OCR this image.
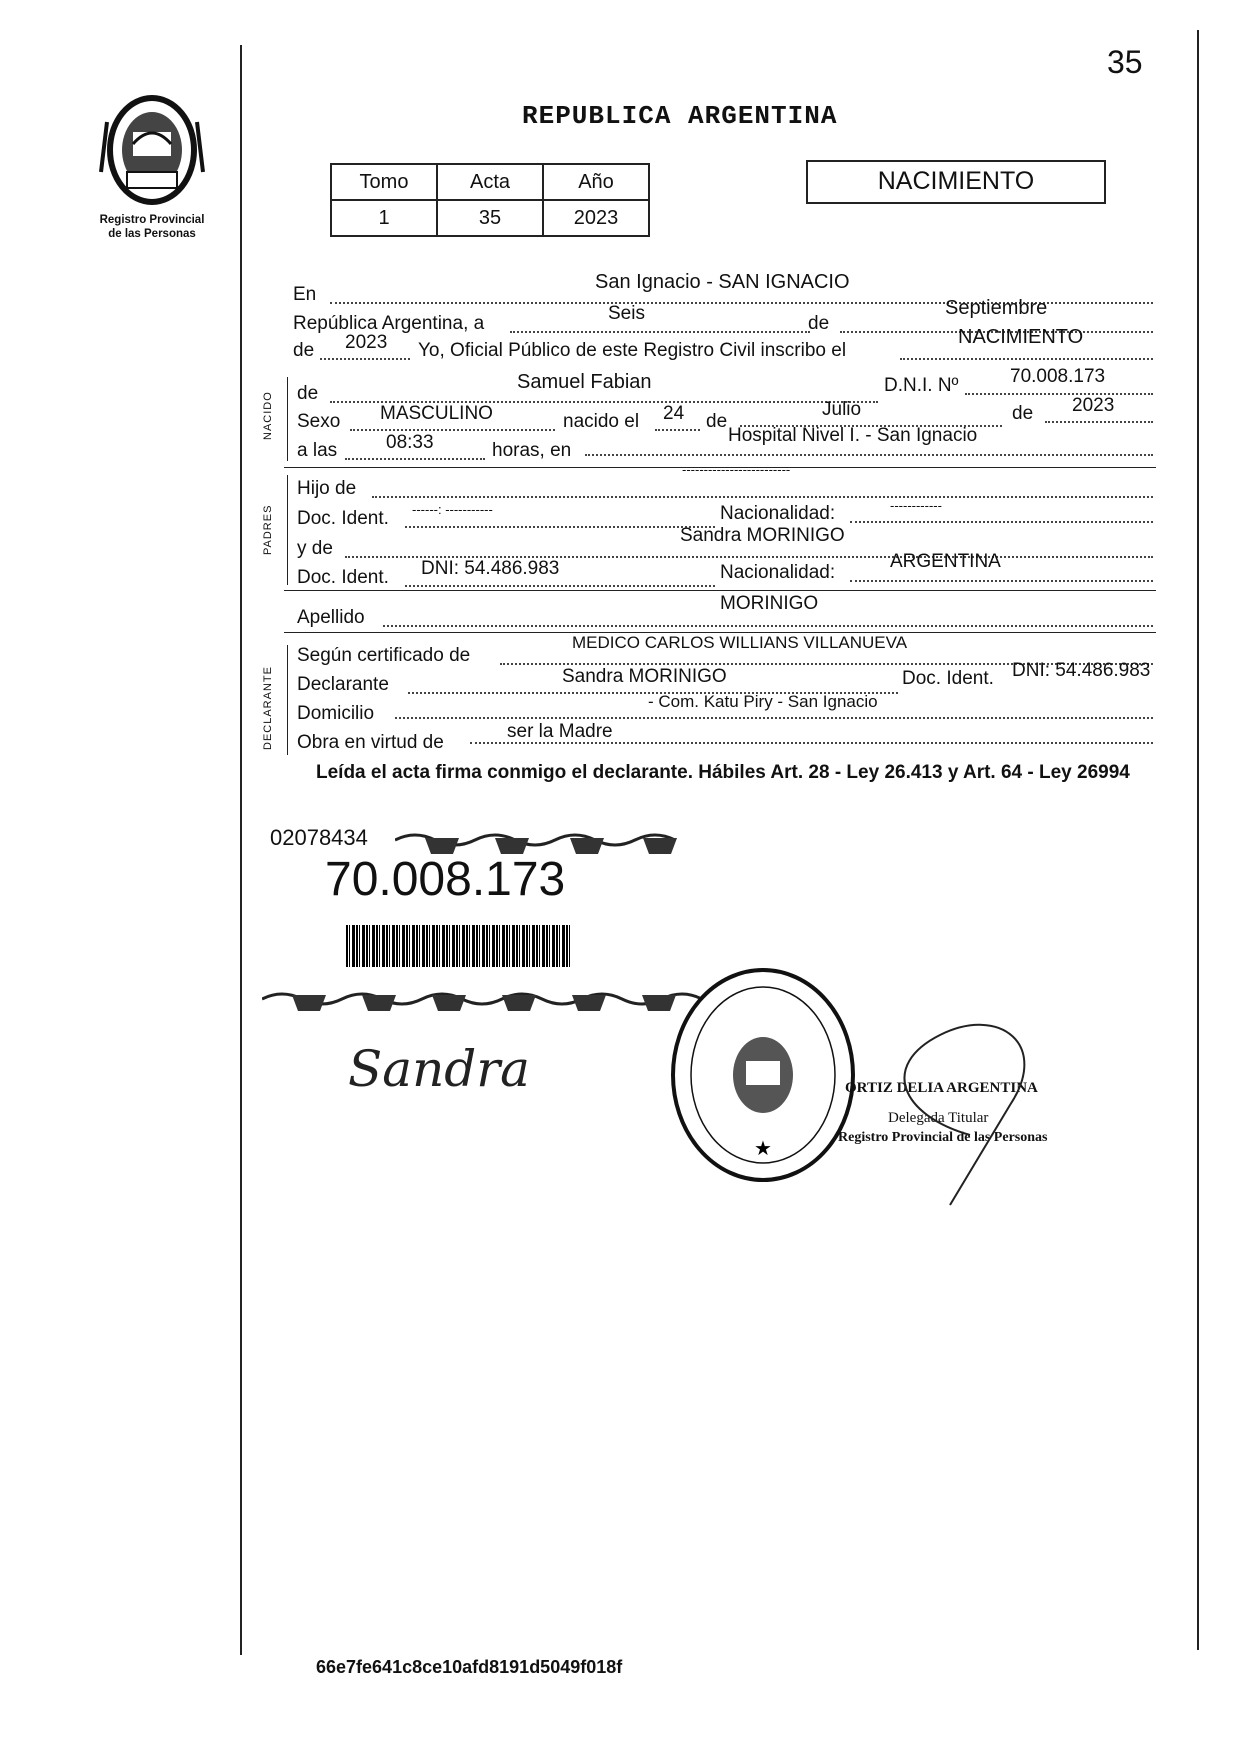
35
Registro Provincial
de las Personas
REPUBLICA ARGENTINA
Tomo	Acta	Año
1	35	2023
NACIMIENTO
En
San Ignacio - SAN IGNACIO
República Argentina, a	Seis	de
Septiembre
de 2023 Yo, Oficial Público de este Registro Civil inscribo el
NACIMIENTO
NACIDO de
Samuel Fabian	D.N.I. Nº	70.008.173
Sexo MASCULINO	nacido el 24 de
Julio	de 2023
a las	08:33	horas, en
Hospital Nivel I. - San Ignacio
PADRES
-------------------------
Hijo de
Doc. Ident. ------: -----------	Nacionalidad:	------------
y de
Sandra MORINIGO
Doc. Ident. DNI: 54.486.983	Nacionalidad:
ARGENTINA
Apellido
MORINIGO
DECLARANTE
Según certificado de
MEDICO CARLOS WILLIANS VILLANUEVA
Declarante	Sandra MORINIGO	Doc. Ident. DNI: 54.486.983
Domicilio
- Com. Katu Piry - San Ignacio
Obra en virtud de
ser la Madre
Leída el acta firma conmigo el declarante. Hábiles Art. 28 - Ley 26.413 y Art. 64 - Ley 26994
02078434
70.008.173
Sandra
★
ORTIZ DELIA ARGENTINA
Delegada Titular
Registro Provincial de las Personas
66e7fe641c8ce10afd8191d5049f018f
